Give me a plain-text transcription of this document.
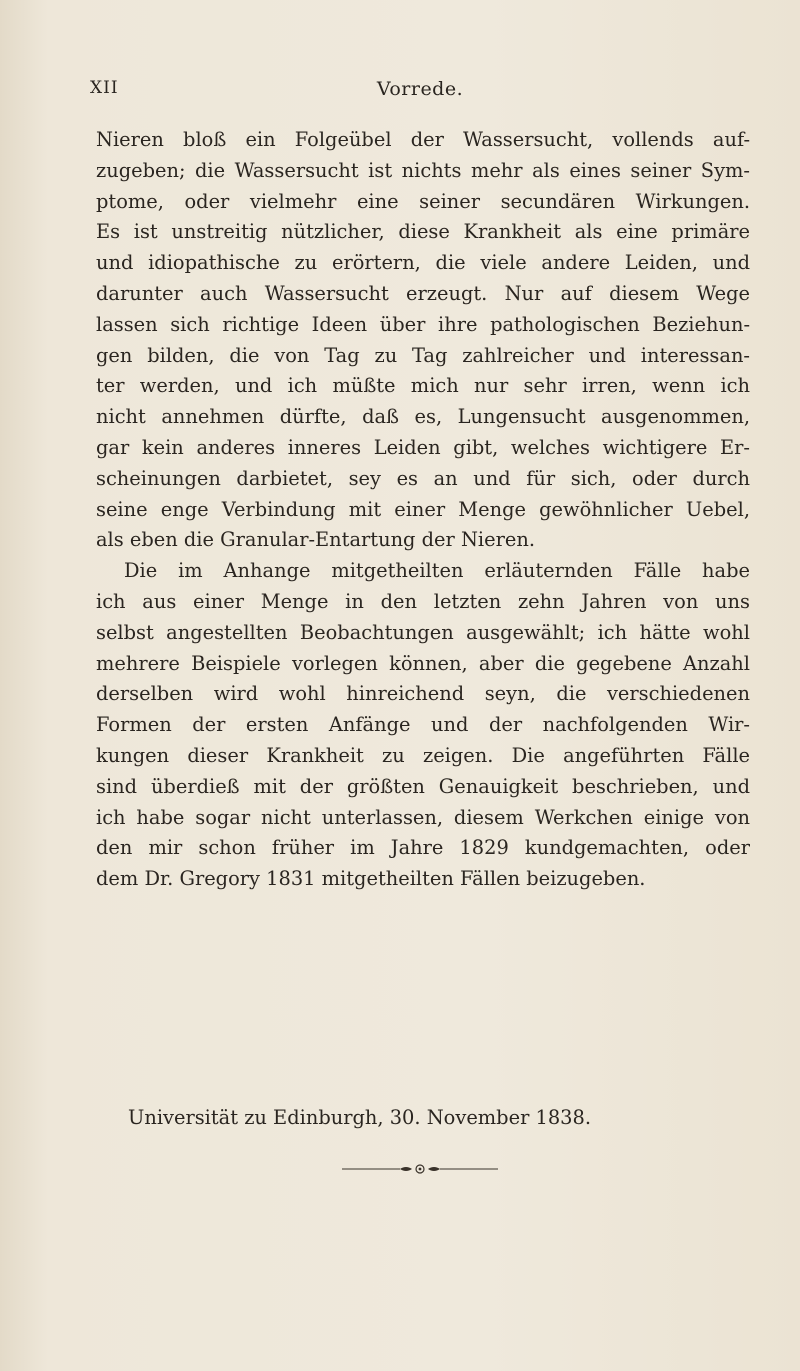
XII	Vorrede.
Nieren bloß ein Folgeübel der Wassersucht, vollends auf-
zugeben; die Wassersucht ist nichts mehr als eines seiner Sym-
ptome, oder vielmehr eine seiner secundären Wirkungen.
Es ist unstreitig nützlicher, diese Krankheit als eine primäre
und idiopathische zu erörtern, die viele andere Leiden, und
darunter auch Wassersucht erzeugt. Nur auf diesem Wege
lassen sich richtige Ideen über ihre pathologischen Beziehun-
gen bilden, die von Tag zu Tag zahlreicher und interessan-
ter werden, und ich müßte mich nur sehr irren, wenn ich
nicht annehmen dürfte, daß es, Lungensucht ausgenommen,
gar kein anderes inneres Leiden gibt, welches wichtigere Er-
scheinungen darbietet, sey es an und für sich, oder durch
seine enge Verbindung mit einer Menge gewöhnlicher Uebel,
als eben die Granular-Entartung der Nieren.
Die im Anhange mitgetheilten erläuternden Fälle habe
ich aus einer Menge in den letzten zehn Jahren von uns
selbst angestellten Beobachtungen ausgewählt; ich hätte wohl
mehrere Beispiele vorlegen können, aber die gegebene Anzahl
derselben wird wohl hinreichend seyn, die verschiedenen
Formen der ersten Anfänge und der nachfolgenden Wir-
kungen dieser Krankheit zu zeigen. Die angeführten Fälle
sind überdieß mit der größten Genauigkeit beschrieben, und
ich habe sogar nicht unterlassen, diesem Werkchen einige von
den mir schon früher im Jahre 1829 kundgemachten, oder
dem Dr. Gregory 1831 mitgetheilten Fällen beizugeben.
Universität zu Edinburgh, 30. November 1838.
